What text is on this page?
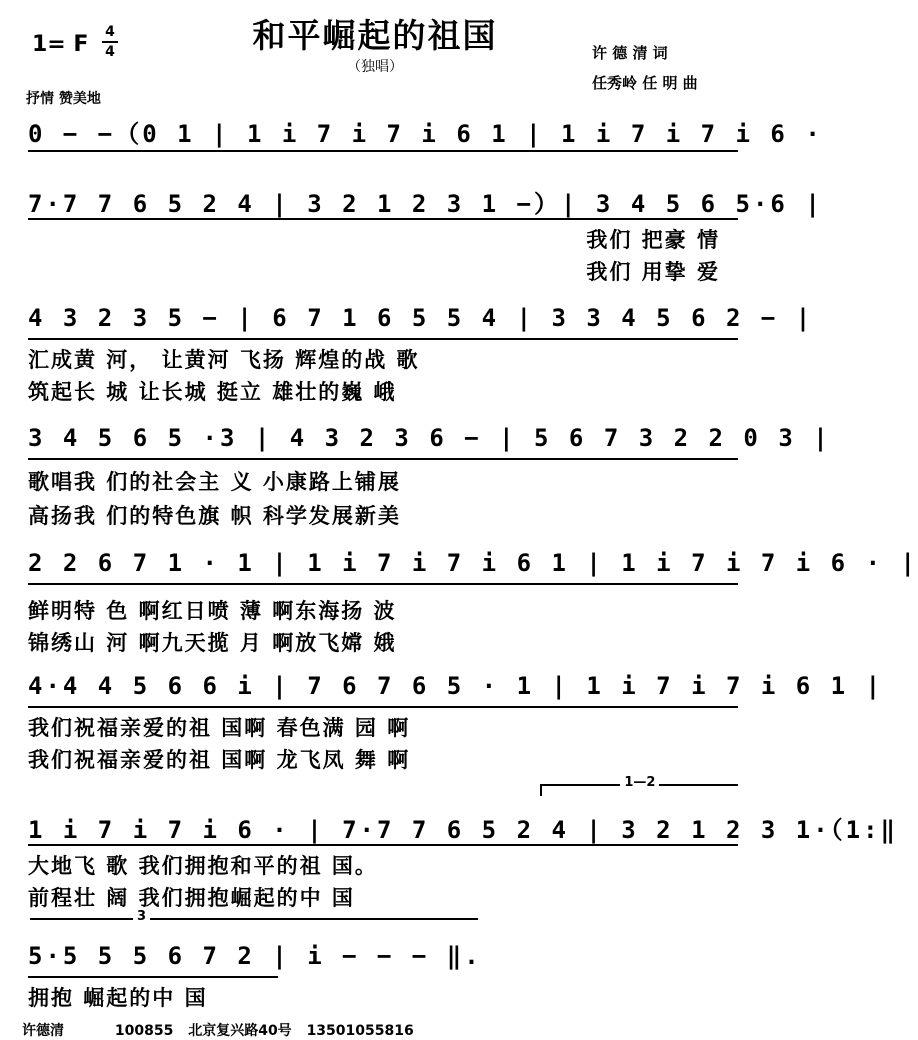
和平崛起的祖国
（独唱）
1= F	4
4	许 德 清 词
任秀岭 任 明 曲
抒情 赞美地
0 − −（0 1 | 1 i 7 i 7 i 6 1 | 1 i 7 i 7 i 6 ·
7·7 7 6 5 2 4 | 3 2 1 2 3 1 −）| 3 4 5 6 5·6 |
我们 把豪 情
我们 用挚 爱
4 3 2 3 5 − | 6 7 1 6 5 5 4 | 3 3 4 5 6 2 − |
汇成黄 河， 让黄河 飞扬 辉煌的战 歌
筑起长 城 让长城 挺立 雄壮的巍 峨
3 4 5 6 5 ·3 | 4 3 2 3 6 − | 5 6 7 3 2 2 0 3 |
歌唱我 们的社会主 义 小康路上铺展
高扬我 们的特色旗 帜 科学发展新美
2 2 6 7 1 · 1 | 1 i 7 i 7 i 6 1 | 1 i 7 i 7 i 6 · |
鲜明特 色 啊红日喷 薄 啊东海扬 波
锦绣山 河 啊九天揽 月 啊放飞嫦 娥
4·4 4 5 6 6 i | 7 6 7 6 5 · 1 | 1 i 7 i 7 i 6 1 |
我们祝福亲爱的祖 国啊 春色满 园 啊
我们祝福亲爱的祖 国啊 龙飞凤 舞 啊
1—2
1 i 7 i 7 i 6 · | 7·7 7 6 5 2 4 | 3 2 1 2 3 1·（1:‖
大地飞 歌 我们拥抱和平的祖 国。
前程壮 阔 我们拥抱崛起的中 国
3
5·5 5 5 6 7 2 | i − − − ‖.
拥抱 崛起的中 国
许德清	100855 北京复兴路40号 13501055816
